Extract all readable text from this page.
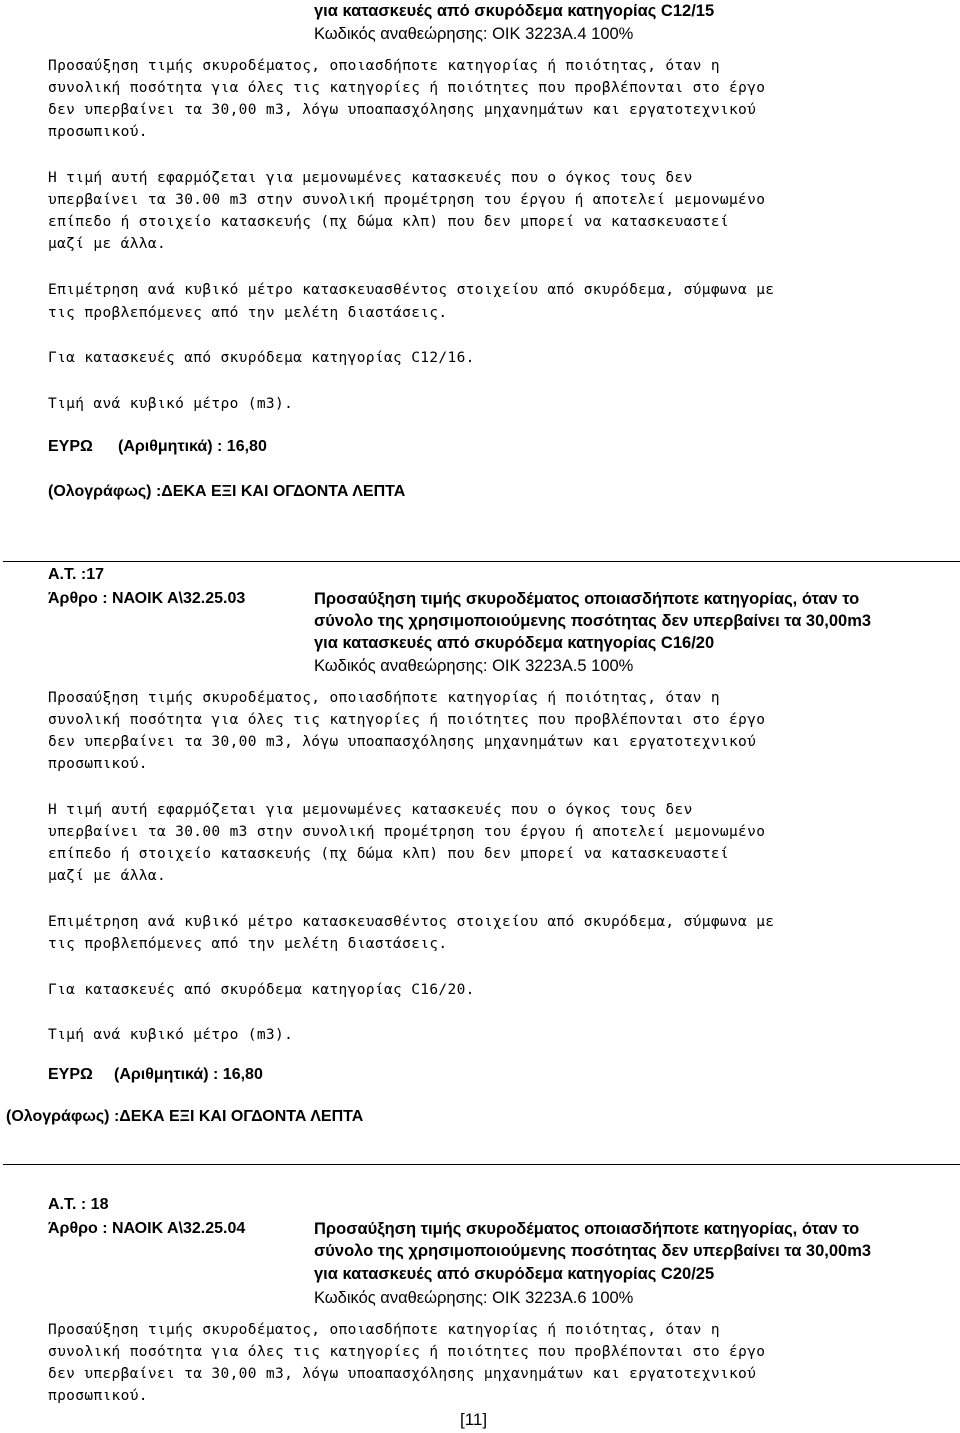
για κατασκευές από σκυρόδεμα κατηγορίας C12/15
Κωδικός αναθεώρησης: ΟΙΚ 3223Α.4 100%
Προσαύξηση τιμής σκυροδέματος, οποιασδήποτε κατηγορίας ή ποιότητας, όταν η
συνολική ποσότητα για όλες τις κατηγορίες ή ποιότητες που προβλέπονται στο έργο
δεν υπερβαίνει τα 30,00 m3, λόγω υποαπασχόλησης μηχανημάτων και εργατοτεχνικού
προσωπικού.
Η τιμή αυτή εφαρμόζεται για μεμονωμένες κατασκευές που ο όγκος τους δεν
υπερβαίνει τα 30.00 m3 στην συνολική προμέτρηση του έργου ή αποτελεί μεμονωμένο
επίπεδο ή στοιχείο κατασκευής (πχ δώμα κλπ) που δεν μπορεί να κατασκευαστεί
μαζί με άλλα.
Επιμέτρηση ανά κυβικό μέτρο κατασκευασθέντος στοιχείου από σκυρόδεμα, σύμφωνα με
τις προβλεπόμενες από την μελέτη διαστάσεις.
Για κατασκευές από σκυρόδεμα κατηγορίας C12/16.
Τιμή ανά κυβικό μέτρο (m3).
ΕΥΡΩ (Αριθμητικά) : 16,80
(Ολογράφως) :ΔΕΚΑ ΕΞΙ ΚΑΙ ΟΓΔΟΝΤΑ ΛΕΠΤΑ
Α.Τ. :17
Άρθρο : ΝΑΟΙΚ Α\32.25.03	Προσαύξηση τιμής σκυροδέματος οποιασδήποτε κατηγορίας, όταν το
σύνολο της χρησιμοποιούμενης ποσότητας δεν υπερβαίνει τα 30,00m3
για κατασκευές από σκυρόδεμα κατηγορίας C16/20
Κωδικός αναθεώρησης: ΟΙΚ 3223Α.5 100%
Προσαύξηση τιμής σκυροδέματος, οποιασδήποτε κατηγορίας ή ποιότητας, όταν η
συνολική ποσότητα για όλες τις κατηγορίες ή ποιότητες που προβλέπονται στο έργο
δεν υπερβαίνει τα 30,00 m3, λόγω υποαπασχόλησης μηχανημάτων και εργατοτεχνικού
προσωπικού.
Η τιμή αυτή εφαρμόζεται για μεμονωμένες κατασκευές που ο όγκος τους δεν
υπερβαίνει τα 30.00 m3 στην συνολική προμέτρηση του έργου ή αποτελεί μεμονωμένο
επίπεδο ή στοιχείο κατασκευής (πχ δώμα κλπ) που δεν μπορεί να κατασκευαστεί
μαζί με άλλα.
Επιμέτρηση ανά κυβικό μέτρο κατασκευασθέντος στοιχείου από σκυρόδεμα, σύμφωνα με
τις προβλεπόμενες από την μελέτη διαστάσεις.
Για κατασκευές από σκυρόδεμα κατηγορίας C16/20.
Τιμή ανά κυβικό μέτρο (m3).
ΕΥΡΩ (Αριθμητικά) : 16,80
(Ολογράφως) :ΔΕΚΑ ΕΞΙ ΚΑΙ ΟΓΔΟΝΤΑ ΛΕΠΤΑ
Α.Τ. : 18
Άρθρο : ΝΑΟΙΚ Α\32.25.04	Προσαύξηση τιμής σκυροδέματος οποιασδήποτε κατηγορίας, όταν το
σύνολο της χρησιμοποιούμενης ποσότητας δεν υπερβαίνει τα 30,00m3
για κατασκευές από σκυρόδεμα κατηγορίας C20/25
Κωδικός αναθεώρησης: ΟΙΚ 3223Α.6 100%
Προσαύξηση τιμής σκυροδέματος, οποιασδήποτε κατηγορίας ή ποιότητας, όταν η
συνολική ποσότητα για όλες τις κατηγορίες ή ποιότητες που προβλέπονται στο έργο
δεν υπερβαίνει τα 30,00 m3, λόγω υποαπασχόλησης μηχανημάτων και εργατοτεχνικού
προσωπικού.
[11]
